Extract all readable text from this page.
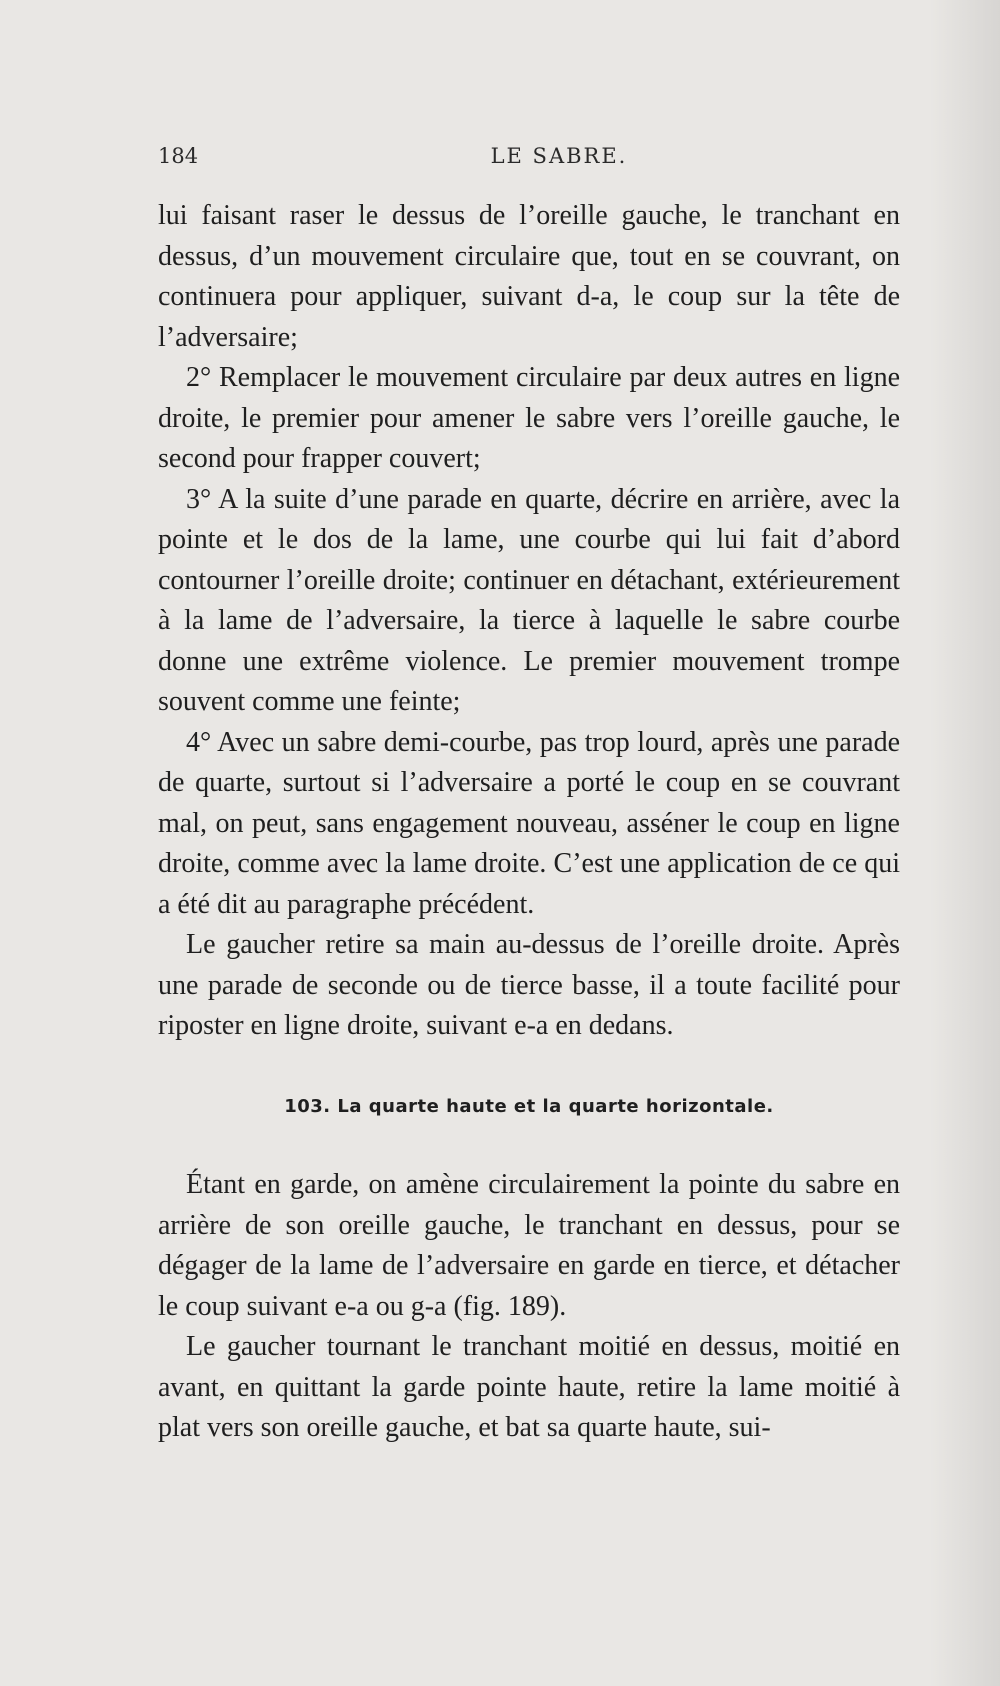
184	LE SABRE.

lui faisant raser le dessus de l’oreille gauche, le tranchant en dessus, d’un mouvement circulaire que, tout en se couvrant, on continuera pour appliquer, suivant d-a, le coup sur la tête de l’adversaire;

2° Remplacer le mouvement circulaire par deux autres en ligne droite, le premier pour amener le sabre vers l’oreille gauche, le second pour frapper couvert;

3° A la suite d’une parade en quarte, décrire en arrière, avec la pointe et le dos de la lame, une courbe qui lui fait d’abord contourner l’oreille droite; continuer en détachant, extérieurement à la lame de l’adversaire, la tierce à laquelle le sabre courbe donne une extrême violence. Le premier mouvement trompe souvent comme une feinte;

4° Avec un sabre demi-courbe, pas trop lourd, après une parade de quarte, surtout si l’adversaire a porté le coup en se couvrant mal, on peut, sans engagement nouveau, asséner le coup en ligne droite, comme avec la lame droite. C’est une application de ce qui a été dit au paragraphe précédent.

Le gaucher retire sa main au-dessus de l’oreille droite. Après une parade de seconde ou de tierce basse, il a toute facilité pour riposter en ligne droite, suivant e-a en dedans.

103. La quarte haute et la quarte horizontale.

Étant en garde, on amène circulairement la pointe du sabre en arrière de son oreille gauche, le tranchant en dessus, pour se dégager de la lame de l’adversaire en garde en tierce, et détacher le coup suivant e-a ou g-a (fig. 189).

Le gaucher tournant le tranchant moitié en dessus, moitié en avant, en quittant la garde pointe haute, retire la lame moitié à plat vers son oreille gauche, et bat sa quarte haute, sui-
